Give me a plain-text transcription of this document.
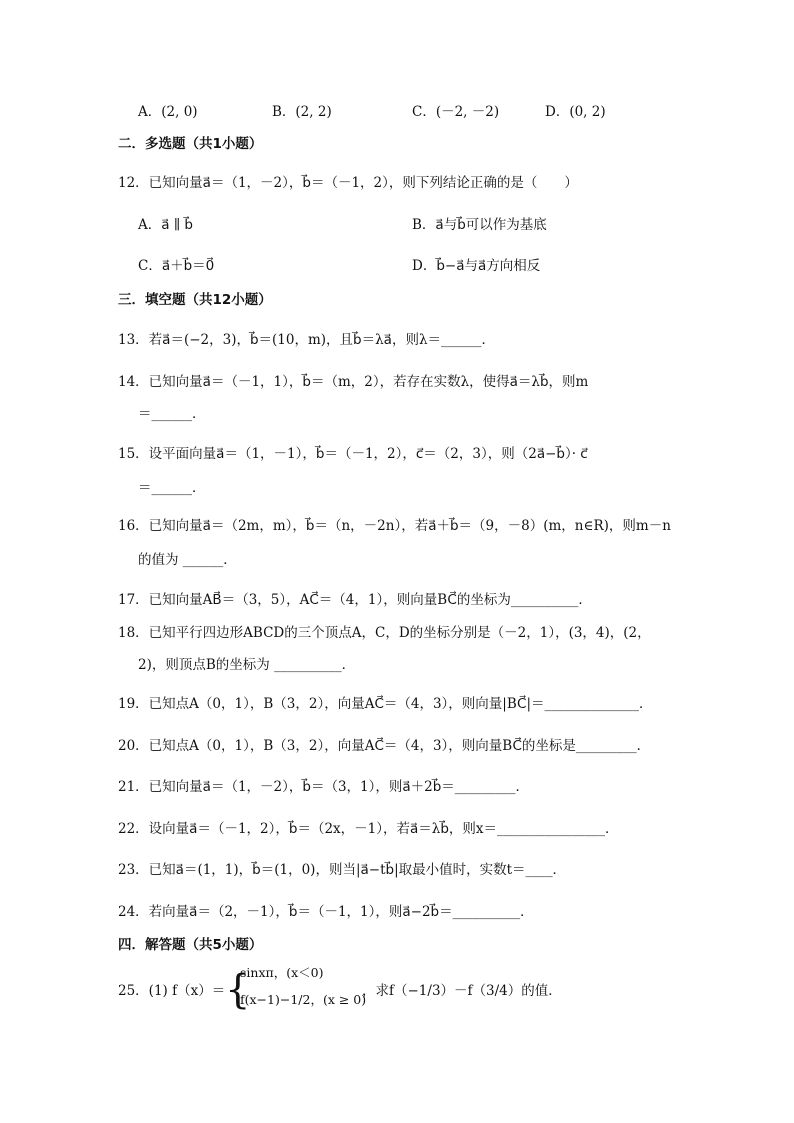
A．(2, 0)	B．(2, 2)	C．(－2, －2)	D．(0, 2)
二．多选题（共1小题）
12．已知向量a⃗＝（1，－2），b⃗＝（－1，2），则下列结论正确的是（　　）
A．a⃗ ∥ b⃗	B．a⃗与b⃗可以作为基底
C．a⃗＋b⃗＝0⃗	D．b⃗−a⃗与a⃗方向相反
三．填空题（共12小题）
13．若a⃗＝(−2，3)，b⃗＝(10，m)，且b⃗＝λa⃗，则λ＝______．
14．已知向量a⃗＝（－1，1），b⃗＝（m，2），若存在实数λ，使得a⃗＝λb⃗，则m
＝______．
15．设平面向量a⃗＝（1，－1），b⃗＝（－1，2），c⃗＝（2，3），则（2a⃗−b⃗）· c⃗
＝______．
16．已知向量a⃗＝（2m，m），b⃗＝（n，－2n），若a⃗＋b⃗＝（9，－8）(m，n∈R)，则m－n
的值为 ______．
17．已知向量AB⃗＝（3，5），AC⃗＝（4，1），则向量BC⃗的坐标为__________．
18．已知平行四边形ABCD的三个顶点A，C，D的坐标分别是（－2，1），(3，4)，(2，
2)，则顶点B的坐标为 __________．
19．已知点A（0，1），B（3，2），向量AC⃗＝（4，3），则向量|BC⃗|＝______________．
20．已知点A（0，1），B（3，2），向量AC⃗＝（4，3），则向量BC⃗的坐标是_________．
21．已知向量a⃗＝（1，－2），b⃗＝（3，1），则a⃗＋2b⃗＝_________．
22．设向量a⃗＝（－1，2），b⃗＝（2x，－1），若a⃗＝λb⃗，则x＝________________．
23．已知a⃗＝(1，1)，b⃗＝(1，0)，则当|a⃗−tb⃗|取最小值时，实数t＝____．
24．若向量a⃗＝（2，－1），b⃗＝（－1，1），则a⃗−2b⃗＝__________．
四．解答题（共5小题）
25．(1) f（x）＝ {
sinxπ，(x＜0)
f(x−1)−1/2，(x ≥ 0)
，求f（−1/3）－f（3/4）的值．
